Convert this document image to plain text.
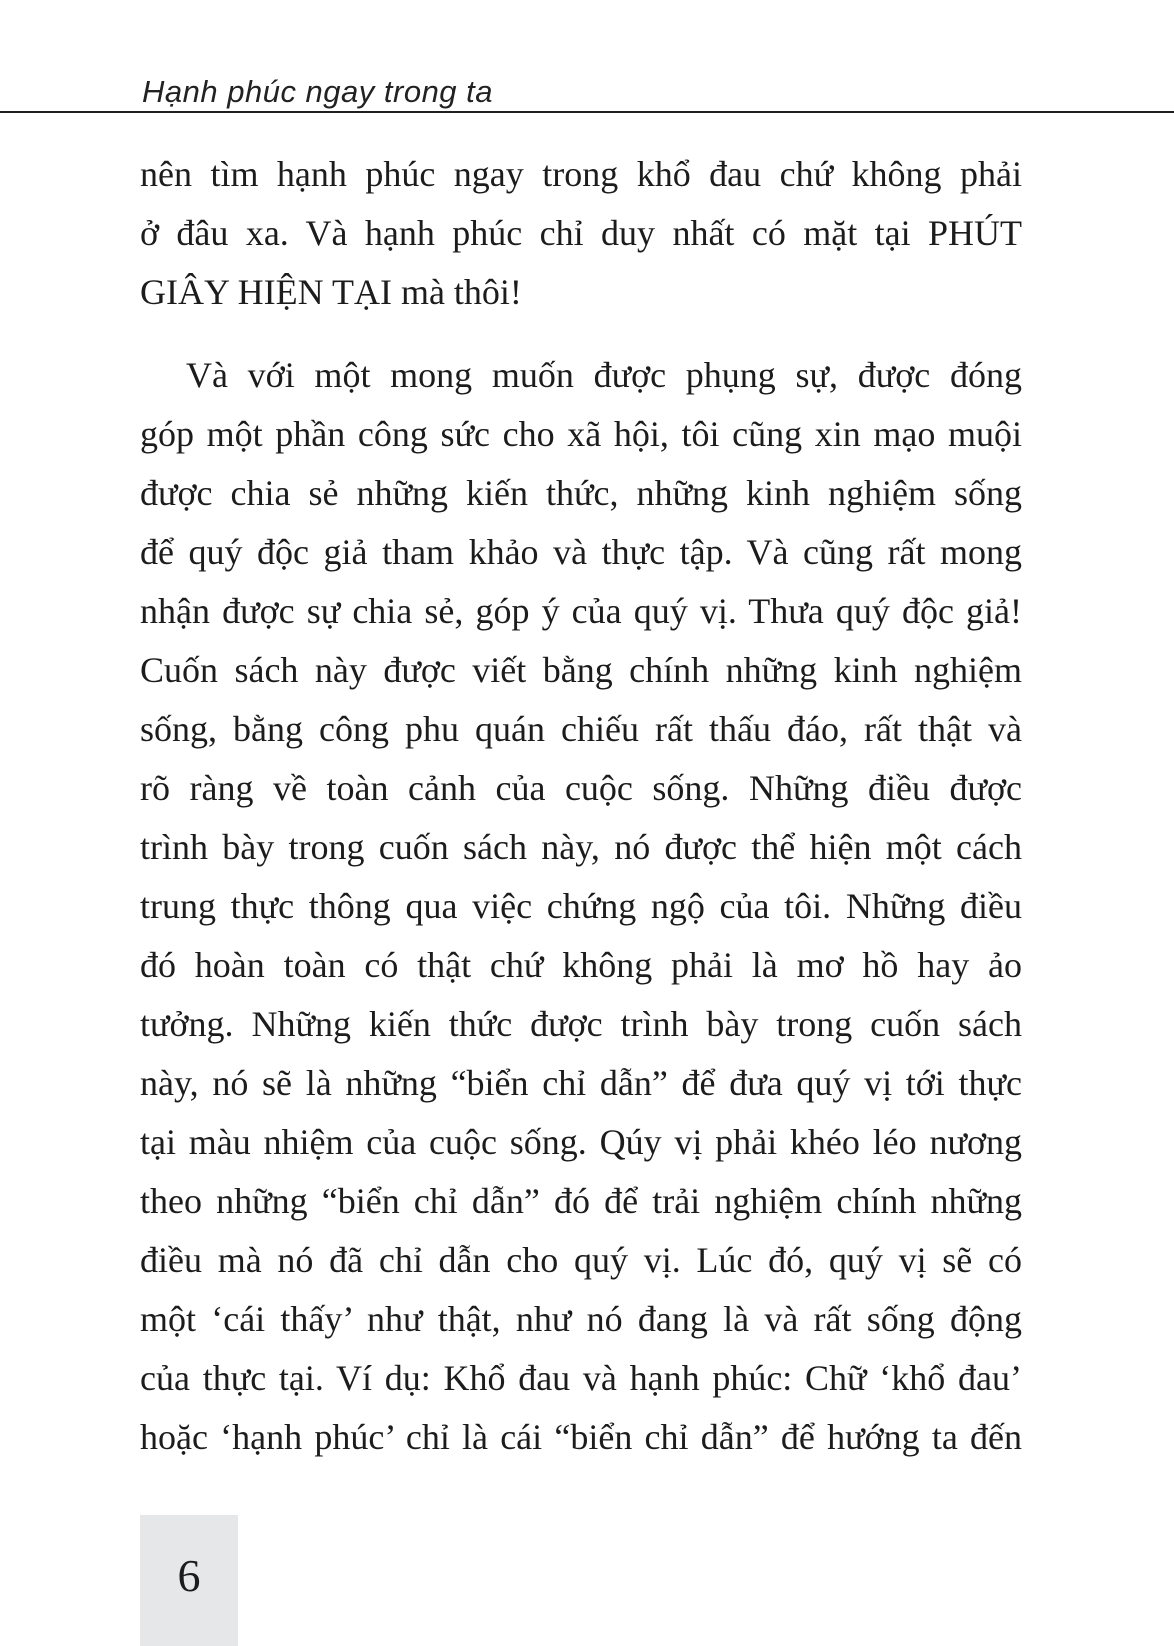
Hạnh phúc ngay trong ta
nên tìm hạnh phúc ngay trong khổ đau chứ không phải
ở đâu xa. Và hạnh phúc chỉ duy nhất có mặt tại PHÚT
GIÂY HIỆN TẠI mà thôi!
Và với một mong muốn được phụng sự, được đóng
góp một phần công sức cho xã hội, tôi cũng xin mạo muội
được chia sẻ những kiến thức, những kinh nghiệm sống
để quý độc giả tham khảo và thực tập. Và cũng rất mong
nhận được sự chia sẻ, góp ý của quý vị. Thưa quý độc giả!
Cuốn sách này được viết bằng chính những kinh nghiệm
sống, bằng công phu quán chiếu rất thấu đáo, rất thật và
rõ ràng về toàn cảnh của cuộc sống. Những điều được
trình bày trong cuốn sách này, nó được thể hiện một cách
trung thực thông qua việc chứng ngộ của tôi. Những điều
đó hoàn toàn có thật chứ không phải là mơ hồ hay ảo
tưởng. Những kiến thức được trình bày trong cuốn sách
này, nó sẽ là những “biển chỉ dẫn” để đưa quý vị tới thực
tại màu nhiệm của cuộc sống. Qúy vị phải khéo léo nương
theo những “biển chỉ dẫn” đó để trải nghiệm chính những
điều mà nó đã chỉ dẫn cho quý vị. Lúc đó, quý vị sẽ có
một ‘cái thấy’ như thật, như nó đang là và rất sống động
của thực tại. Ví dụ: Khổ đau và hạnh phúc: Chữ ‘khổ đau’
hoặc ‘hạnh phúc’ chỉ là cái “biển chỉ dẫn” để hướng ta đến
6
